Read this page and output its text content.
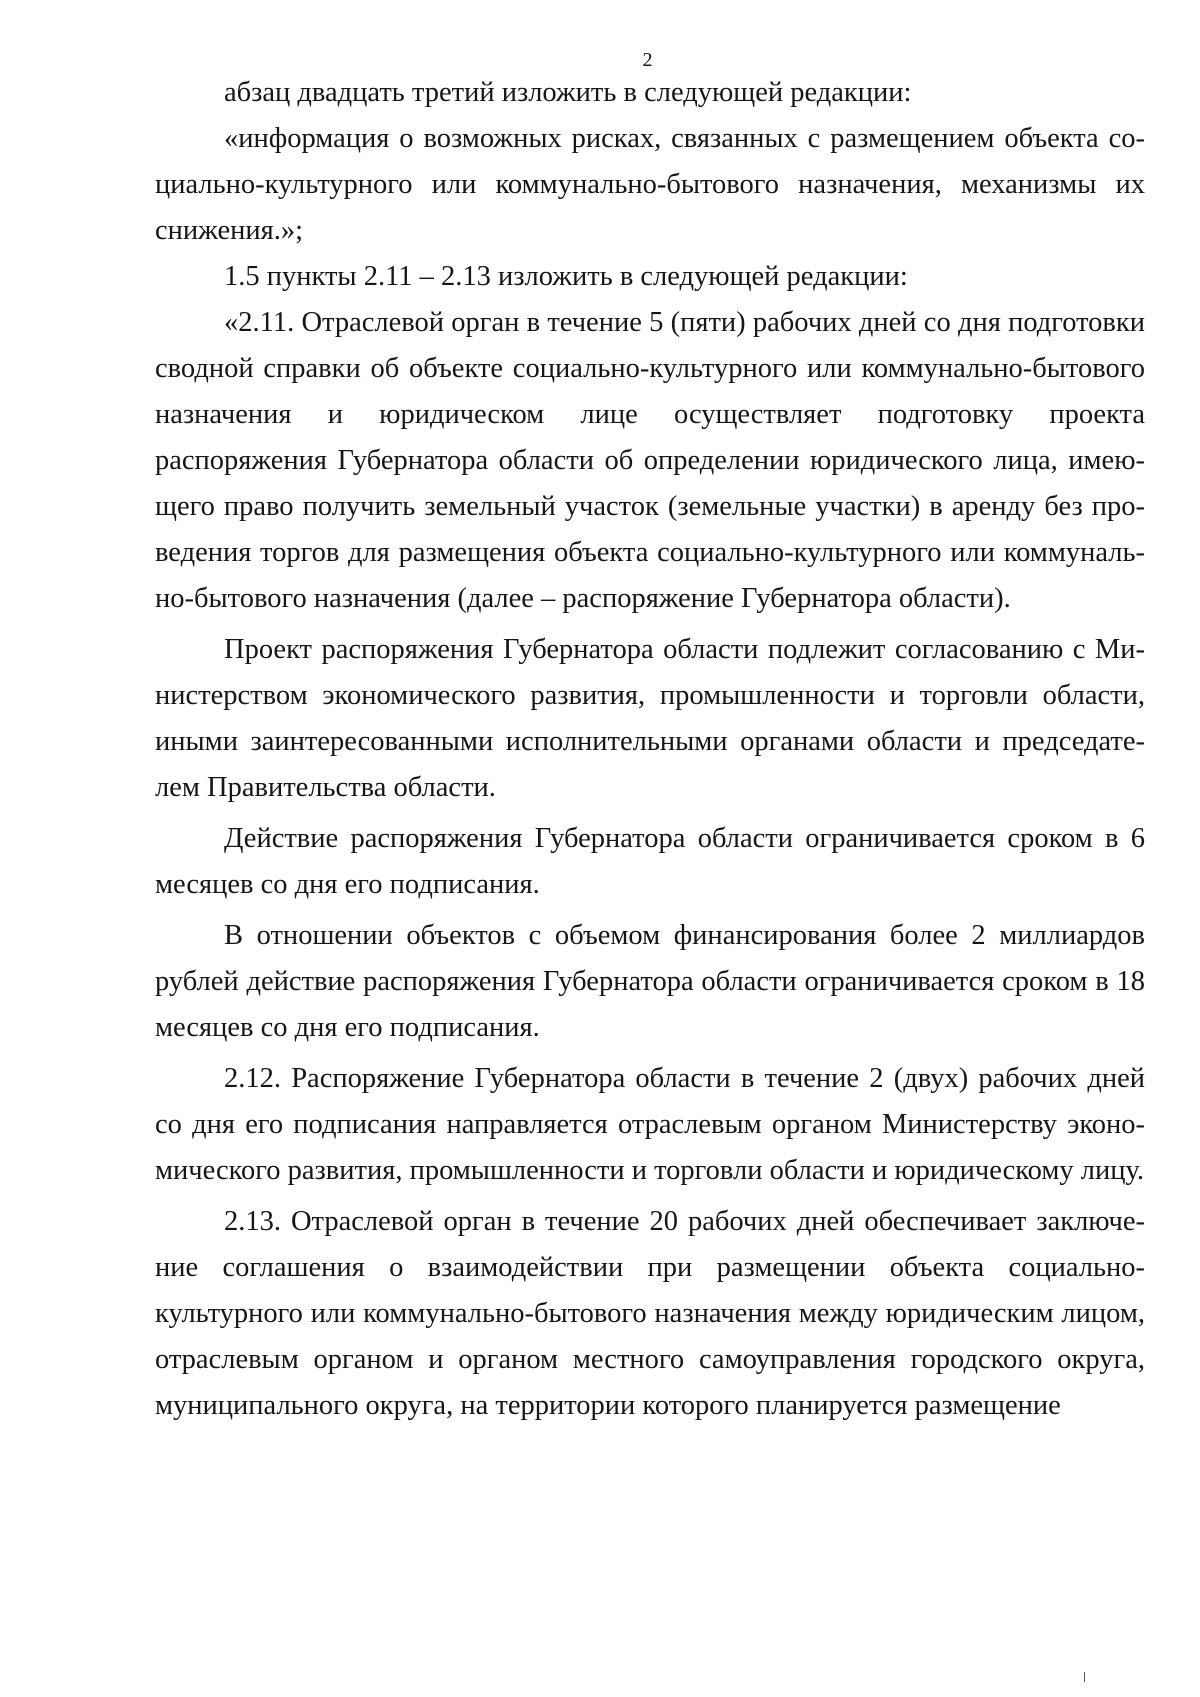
2

абзац двадцать третий изложить в следующей редакции:

«информация о возможных рисках, связанных с размещением объекта социально-культурного или коммунально-бытового назначения, механизмы их снижения.»;

1.5 пункты 2.11 – 2.13 изложить в следующей редакции:

«2.11. Отраслевой орган в течение 5 (пяти) рабочих дней со дня подготовки сводной справки об объекте социально-культурного или коммунально-бытового назначения и юридическом лице осуществляет подготовку проекта распоряжения Губернатора области об определении юридического лица, имеющего право получить земельный участок (земельные участки) в аренду без проведения торгов для размещения объекта социально-культурного или коммунально-бытового назначения (далее – распоряжение Губернатора области).

Проект распоряжения Губернатора области подлежит согласованию с Министерством экономического развития, промышленности и торговли области, иными заинтересованными исполнительными органами области и председателем Правительства области.

Действие распоряжения Губернатора области ограничивается сроком в 6 месяцев со дня его подписания.

В отношении объектов с объемом финансирования более 2 миллиардов рублей действие распоряжения Губернатора области ограничивается сроком в 18 месяцев со дня его подписания.

2.12. Распоряжение Губернатора области в течение 2 (двух) рабочих дней со дня его подписания направляется отраслевым органом Министерству экономического развития, промышленности и торговли области и юридическому лицу.

2.13. Отраслевой орган в течение 20 рабочих дней обеспечивает заключение соглашения о взаимодействии при размещении объекта социально-культурного или коммунально-бытового назначения между юридическим лицом, отраслевым органом и органом местного самоуправления городского округа, муниципального округа, на территории которого планируется размещение
